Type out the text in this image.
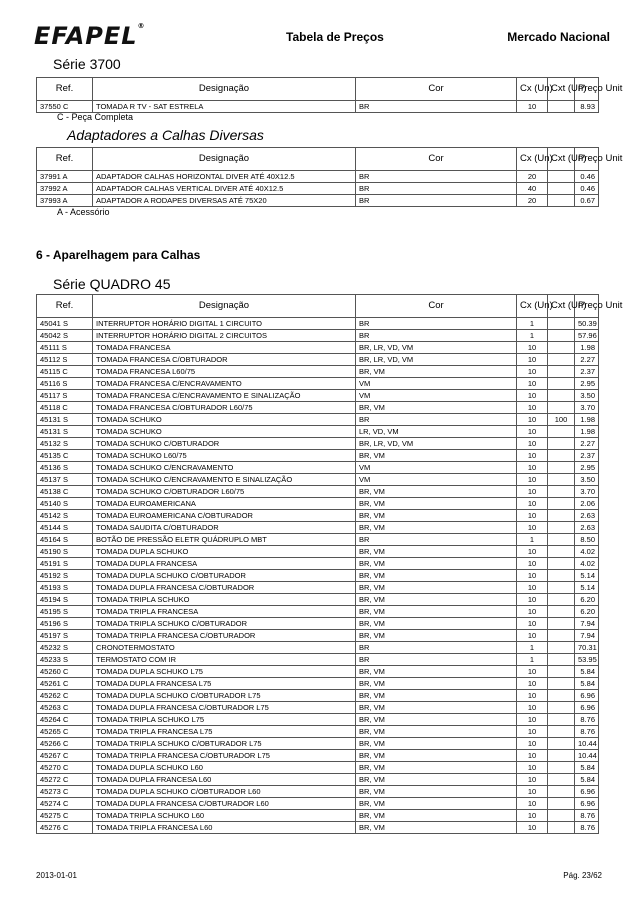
EFAPEL®
Tabela de Preços	Mercado Nacional
Série 3700
Ref.	Designação	Cor	Cx (Un)	Cxt (Un)	Preço Unit
37550 C	TOMADA R TV - SAT ESTRELA	BR	10		8.93
C - Peça Completa
Adaptadores a Calhas Diversas
Ref.	Designação	Cor	Cx (Un)	Cxt (Un)	Preço Unit
37991 A	ADAPTADOR CALHAS HORIZONTAL DIVER ATÉ 40X12.5	BR	20		0.46
37992 A	ADAPTADOR CALHAS VERTICAL DIVER ATÉ 40X12.5	BR	40		0.46
37993 A	ADAPTADOR A RODAPES DIVERSAS ATÉ 75X20	BR	20		0.67
A - Acessório
6 - Aparelhagem para Calhas
Série QUADRO 45
Ref.	Designação	Cor	Cx (Un)	Cxt (Un)	Preço Unit
45041 S	INTERRUPTOR HORÁRIO DIGITAL 1 CIRCUITO	BR	1		50.39
45042 S	INTERRUPTOR HORÁRIO DIGITAL 2 CIRCUITOS	BR	1		57.96
45111 S	TOMADA FRANCESA	BR, LR, VD, VM	10		1.98
45112 S	TOMADA FRANCESA C/OBTURADOR	BR, LR, VD, VM	10		2.27
45115 C	TOMADA FRANCESA L60/75	BR, VM	10		2.37
45116 S	TOMADA FRANCESA C/ENCRAVAMENTO	VM	10		2.95
45117 S	TOMADA FRANCESA C/ENCRAVAMENTO E SINALIZAÇÃO	VM	10		3.50
45118 C	TOMADA FRANCESA C/OBTURADOR L60/75	BR, VM	10		3.70
45131 S	TOMADA SCHUKO	BR	10	100	1.98
45131 S	TOMADA SCHUKO	LR, VD, VM	10		1.98
45132 S	TOMADA SCHUKO C/OBTURADOR	BR, LR, VD, VM	10		2.27
45135 C	TOMADA SCHUKO L60/75	BR, VM	10		2.37
45136 S	TOMADA SCHUKO C/ENCRAVAMENTO	VM	10		2.95
45137 S	TOMADA SCHUKO C/ENCRAVAMENTO E SINALIZAÇÃO	VM	10		3.50
45138 C	TOMADA SCHUKO C/OBTURADOR L60/75	BR, VM	10		3.70
45140 S	TOMADA EUROAMERICANA	BR, VM	10		2.06
45142 S	TOMADA EUROAMERICANA C/OBTURADOR	BR, VM	10		2.63
45144 S	TOMADA SAUDITA C/OBTURADOR	BR, VM	10		2.63
45164 S	BOTÃO DE PRESSÃO ELETR QUÁDRUPLO MBT	BR	1		8.50
45190 S	TOMADA DUPLA SCHUKO	BR, VM	10		4.02
45191 S	TOMADA DUPLA FRANCESA	BR, VM	10		4.02
45192 S	TOMADA DUPLA SCHUKO C/OBTURADOR	BR, VM	10		5.14
45193 S	TOMADA DUPLA FRANCESA C/OBTURADOR	BR, VM	10		5.14
45194 S	TOMADA TRIPLA SCHUKO	BR, VM	10		6.20
45195 S	TOMADA TRIPLA FRANCESA	BR, VM	10		6.20
45196 S	TOMADA TRIPLA SCHUKO C/OBTURADOR	BR, VM	10		7.94
45197 S	TOMADA TRIPLA FRANCESA C/OBTURADOR	BR, VM	10		7.94
45232 S	CRONOTERMOSTATO	BR	1		70.31
45233 S	TERMOSTATO COM IR	BR	1		53.95
45260 C	TOMADA DUPLA SCHUKO L75	BR, VM	10		5.84
45261 C	TOMADA DUPLA FRANCESA L75	BR, VM	10		5.84
45262 C	TOMADA DUPLA SCHUKO C/OBTURADOR L75	BR, VM	10		6.96
45263 C	TOMADA DUPLA FRANCESA C/OBTURADOR L75	BR, VM	10		6.96
45264 C	TOMADA TRIPLA SCHUKO L75	BR, VM	10		8.76
45265 C	TOMADA TRIPLA FRANCESA L75	BR, VM	10		8.76
45266 C	TOMADA TRIPLA SCHUKO C/OBTURADOR L75	BR, VM	10		10.44
45267 C	TOMADA TRIPLA FRANCESA C/OBTURADOR L75	BR, VM	10		10.44
45270 C	TOMADA DUPLA SCHUKO L60	BR, VM	10		5.84
45272 C	TOMADA DUPLA FRANCESA L60	BR, VM	10		5.84
45273 C	TOMADA DUPLA SCHUKO C/OBTURADOR L60	BR, VM	10		6.96
45274 C	TOMADA DUPLA FRANCESA C/OBTURADOR L60	BR, VM	10		6.96
45275 C	TOMADA TRIPLA SCHUKO L60	BR, VM	10		8.76
45276 C	TOMADA TRIPLA FRANCESA L60	BR, VM	10		8.76
2013-01-01	Pág. 23/62
